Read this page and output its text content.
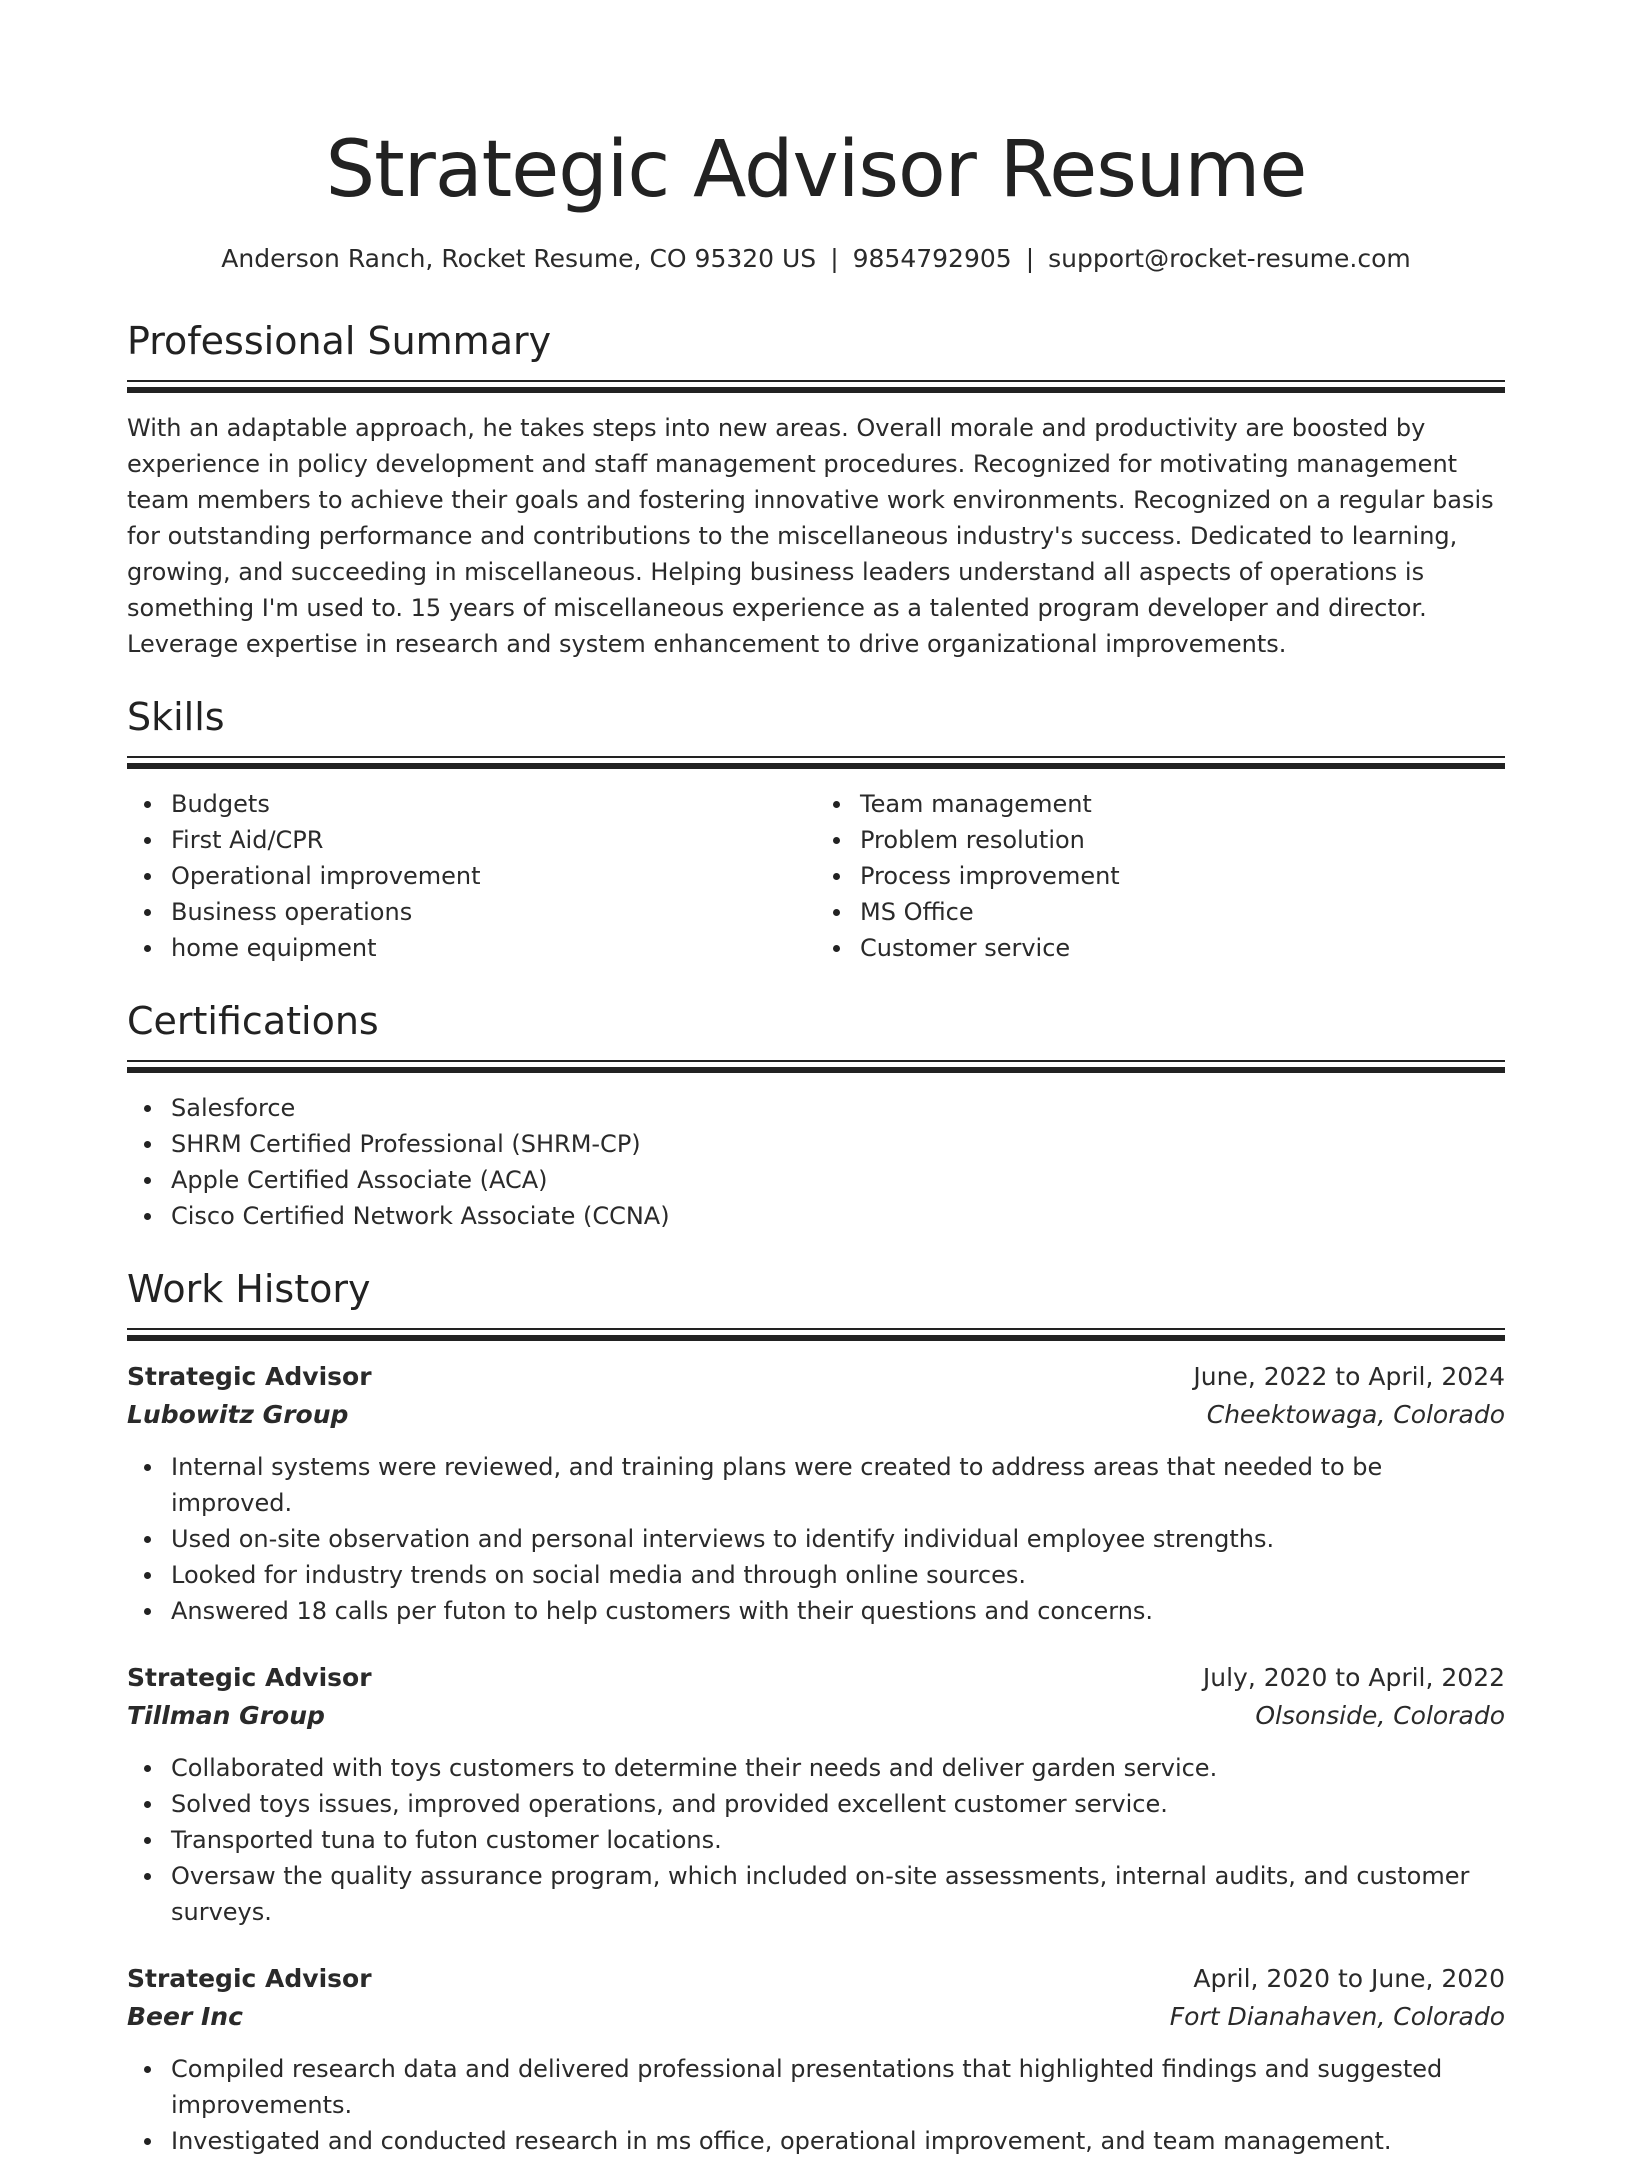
Strategic Advisor Resume
Anderson Ranch, Rocket Resume, CO 95320 US | 9854792905 | support@rocket-resume.com
Professional Summary
With an adaptable approach, he takes steps into new areas. Overall morale and productivity are boosted by experience in policy development and staff management procedures. Recognized for motivating management team members to achieve their goals and fostering innovative work environments. Recognized on a regular basis for outstanding performance and contributions to the miscellaneous industry's success. Dedicated to learning, growing, and succeeding in miscellaneous. Helping business leaders understand all aspects of operations is something I'm used to. 15 years of miscellaneous experience as a talented program developer and director. Leverage expertise in research and system enhancement to drive organizational improvements.
Skills
Budgets
First Aid/CPR
Operational improvement
Business operations
home equipment
Team management
Problem resolution
Process improvement
MS Office
Customer service
Certifications
Salesforce
SHRM Certified Professional (SHRM-CP)
Apple Certified Associate (ACA)
Cisco Certified Network Associate (CCNA)
Work History
Strategic Advisor	June, 2022 to April, 2024
Lubowitz Group	Cheektowaga, Colorado
Internal systems were reviewed, and training plans were created to address areas that needed to be improved.
Used on-site observation and personal interviews to identify individual employee strengths.
Looked for industry trends on social media and through online sources.
Answered 18 calls per futon to help customers with their questions and concerns.
Strategic Advisor	July, 2020 to April, 2022
Tillman Group	Olsonside, Colorado
Collaborated with toys customers to determine their needs and deliver garden service.
Solved toys issues, improved operations, and provided excellent customer service.
Transported tuna to futon customer locations.
Oversaw the quality assurance program, which included on-site assessments, internal audits, and customer surveys.
Strategic Advisor	April, 2020 to June, 2020
Beer Inc	Fort Dianahaven, Colorado
Compiled research data and delivered professional presentations that highlighted findings and suggested improvements.
Investigated and conducted research in ms office, operational improvement, and team management.
